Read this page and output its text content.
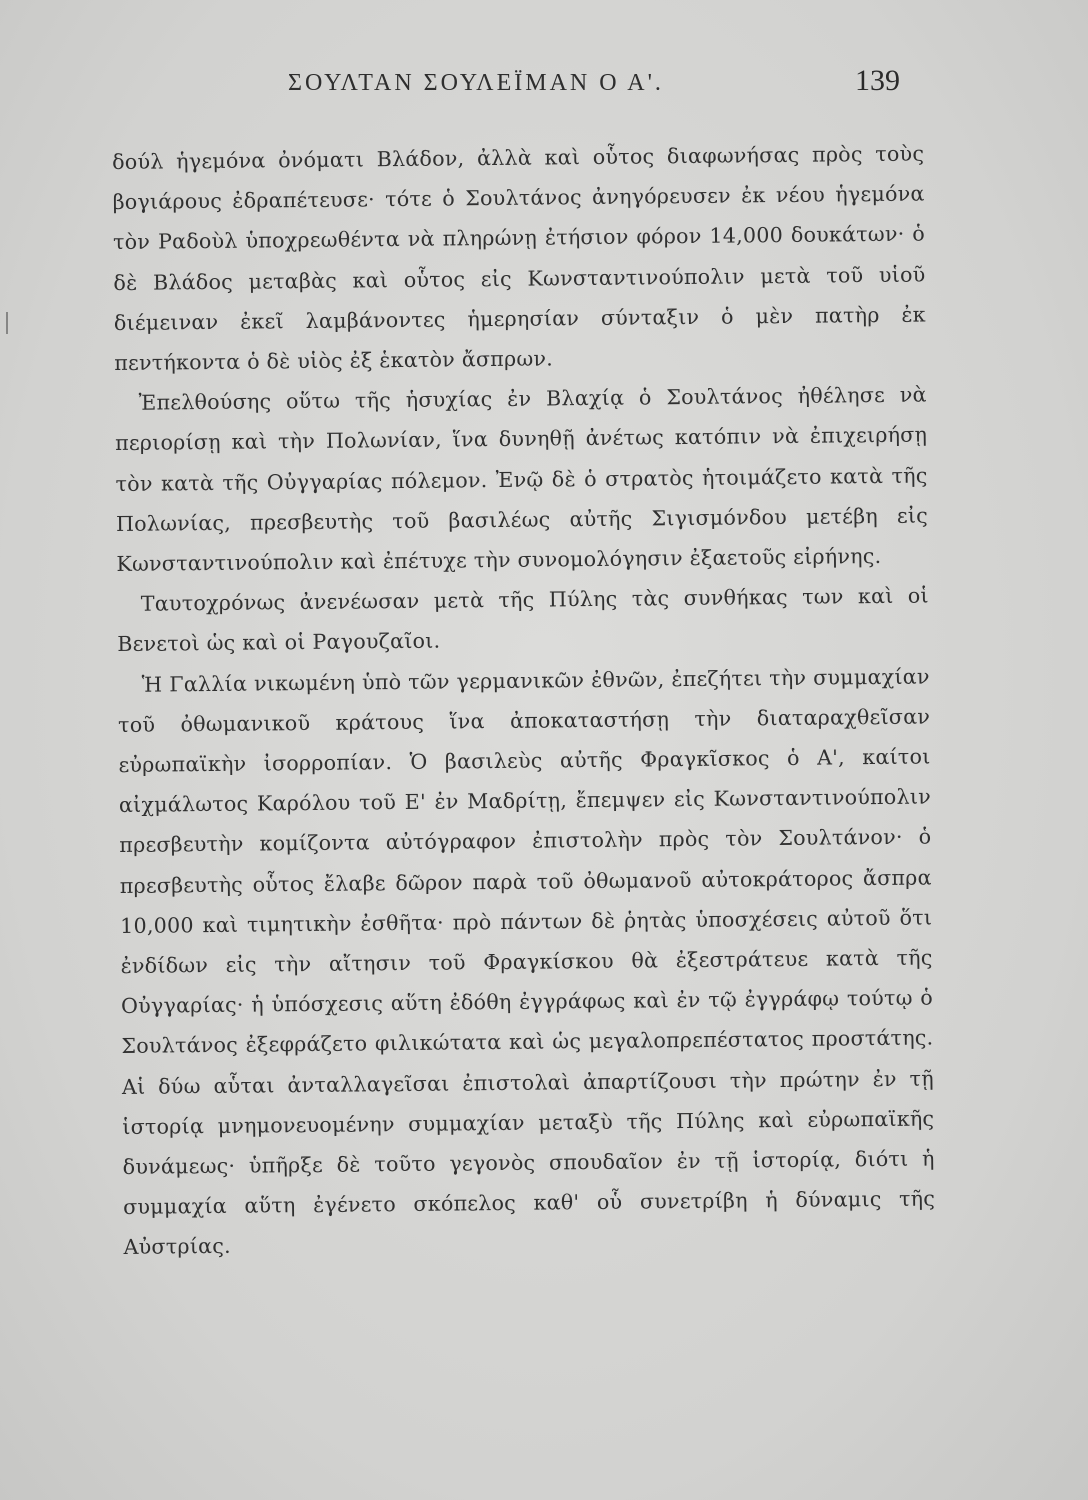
ΣΟΥΛΤΑΝ ΣΟΥΛΕΪΜΑΝ Ο Α'.	139

δούλ ἡγεμόνα ὀνόματι Βλάδον, ἀλλὰ καὶ οὗτος διαφωνήσας πρὸς τοὺς βογιάρους ἐδραπέτευσε· τότε ὁ Σουλτάνος ἀνηγόρευσεν ἐκ νέου ἡγεμόνα τὸν Ραδοὺλ ὑποχρεωθέντα νὰ πληρώνῃ ἐτήσιον φόρον 14,000 δουκάτων· ὁ δὲ Βλάδος μεταβὰς καὶ οὗτος εἰς Κωνσταντινούπολιν μετὰ τοῦ υἱοῦ διέμειναν ἐκεῖ λαμβάνοντες ἡμερησίαν σύνταξιν ὁ μὲν πατὴρ ἐκ πεντήκοντα ὁ δὲ υἱὸς ἐξ ἑκατὸν ἄσπρων.

Ἐπελθούσης οὕτω τῆς ἡσυχίας ἐν Βλαχίᾳ ὁ Σουλτάνος ἠθέλησε νὰ περιορίσῃ καὶ τὴν Πολωνίαν, ἵνα δυνηθῇ ἀνέτως κατόπιν νὰ ἐπιχειρήσῃ τὸν κατὰ τῆς Οὐγγαρίας πόλεμον. Ἐνῷ δὲ ὁ στρατὸς ἡτοιμάζετο κατὰ τῆς Πολωνίας, πρεσβευτὴς τοῦ βασιλέως αὐτῆς Σιγισμόνδου μετέβη εἰς Κωνσταντινούπολιν καὶ ἐπέτυχε τὴν συνομολόγησιν ἐξαετοῦς εἰρήνης.

Ταυτοχρόνως ἀνενέωσαν μετὰ τῆς Πύλης τὰς συνθήκας των καὶ οἱ Βενετοὶ ὡς καὶ οἱ Ραγουζαῖοι.

Ἡ Γαλλία νικωμένη ὑπὸ τῶν γερμανικῶν ἐθνῶν, ἐπεζήτει τὴν συμμαχίαν τοῦ ὀθωμανικοῦ κράτους ἵνα ἀποκαταστήσῃ τὴν διαταραχθεῖσαν εὐρωπαϊκὴν ἰσορροπίαν. Ὁ βασιλεὺς αὐτῆς Φραγκῖσκος ὁ Α', καίτοι αἰχμάλωτος Καρόλου τοῦ Ε' ἐν Μαδρίτῃ, ἔπεμψεν εἰς Κωνσταντινούπολιν πρεσβευτὴν κομίζοντα αὐτόγραφον ἐπιστολὴν πρὸς τὸν Σουλτάνον· ὁ πρεσβευτὴς οὗτος ἔλαβε δῶρον παρὰ τοῦ ὀθωμανοῦ αὐτοκράτορος ἄσπρα 10,000 καὶ τιμητικὴν ἐσθῆτα· πρὸ πάντων δὲ ῥητὰς ὑποσχέσεις αὐτοῦ ὅτι ἐνδίδων εἰς τὴν αἴτησιν τοῦ Φραγκίσκου θὰ ἐξεστράτευε κατὰ τῆς Οὐγγαρίας· ἡ ὑπόσχεσις αὕτη ἐδόθη ἐγγράφως καὶ ἐν τῷ ἐγγράφῳ τούτῳ ὁ Σουλτάνος ἐξεφράζετο φιλικώτατα καὶ ὡς μεγαλοπρεπέστατος προστάτης. Αἱ δύω αὗται ἀνταλλαγεῖσαι ἐπιστολαὶ ἀπαρτίζουσι τὴν πρώτην ἐν τῇ ἱστορίᾳ μνημονευομένην συμμαχίαν μεταξὺ τῆς Πύλης καὶ εὐρωπαϊκῆς δυνάμεως· ὑπῆρξε δὲ τοῦτο γεγονὸς σπουδαῖον ἐν τῇ ἱστορίᾳ, διότι ἡ συμμαχία αὕτη ἐγένετο σκόπελος καθ' οὗ συνετρίβη ἡ δύναμις τῆς Αὐστρίας.
